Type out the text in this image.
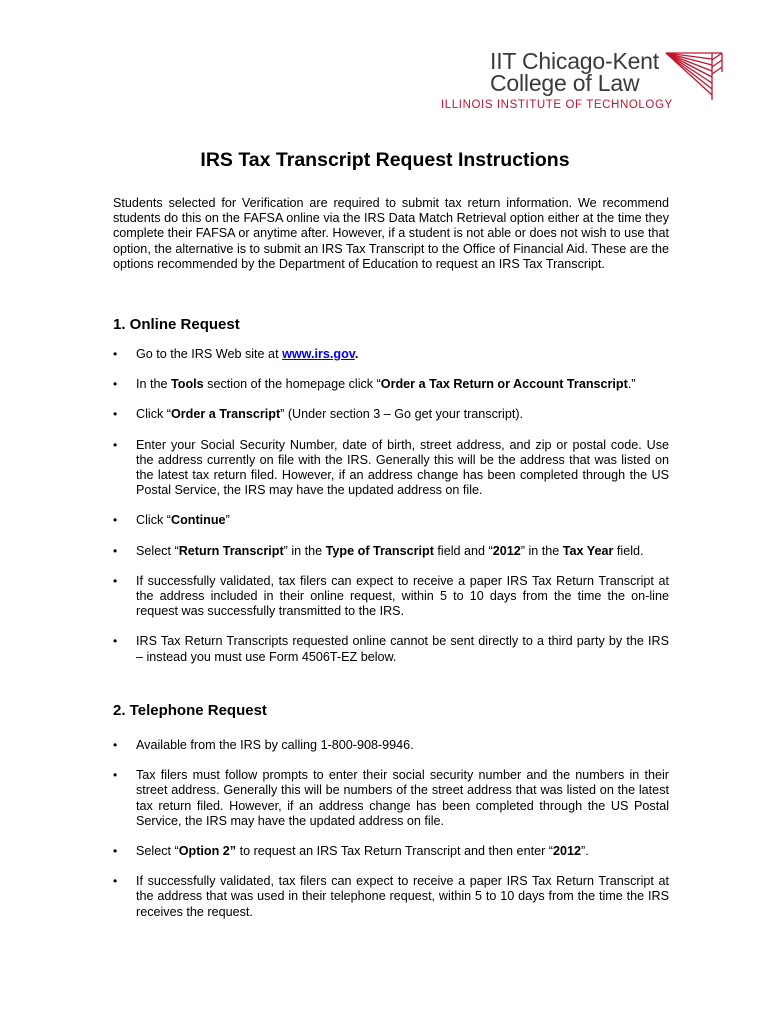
IIT Chicago-Kent
College of Law
ILLINOIS INSTITUTE OF TECHNOLOGY
IRS Tax Transcript Request Instructions

Students selected for Verification are required to submit tax return information. We recommend students do this on the FAFSA online via the IRS Data Match Retrieval option either at the time they complete their FAFSA or anytime after. However, if a student is not able or does not wish to use that option, the alternative is to submit an IRS Tax Transcript to the Office of Financial Aid. These are the options recommended by the Department of Education to request an IRS Tax Transcript.

1. Online Request
• Go to the IRS Web site at www.irs.gov.
• In the Tools section of the homepage click “Order a Tax Return or Account Transcript.”
• Click “Order a Transcript” (Under section 3 – Go get your transcript).
• Enter your Social Security Number, date of birth, street address, and zip or postal code. Use the address currently on file with the IRS. Generally this will be the address that was listed on the latest tax return filed. However, if an address change has been completed through the US Postal Service, the IRS may have the updated address on file.
• Click “Continue”
• Select “Return Transcript” in the Type of Transcript field and “2012” in the Tax Year field.
• If successfully validated, tax filers can expect to receive a paper IRS Tax Return Transcript at the address included in their online request, within 5 to 10 days from the time the on-line request was successfully transmitted to the IRS.
• IRS Tax Return Transcripts requested online cannot be sent directly to a third party by the IRS – instead you must use Form 4506T-EZ below.
2. Telephone Request
• Available from the IRS by calling 1-800-908-9946.
• Tax filers must follow prompts to enter their social security number and the numbers in their street address. Generally this will be numbers of the street address that was listed on the latest tax return filed. However, if an address change has been completed through the US Postal Service, the IRS may have the updated address on file.
• Select “Option 2” to request an IRS Tax Return Transcript and then enter “2012”.
• If successfully validated, tax filers can expect to receive a paper IRS Tax Return Transcript at the address that was used in their telephone request, within 5 to 10 days from the time the IRS receives the request.
